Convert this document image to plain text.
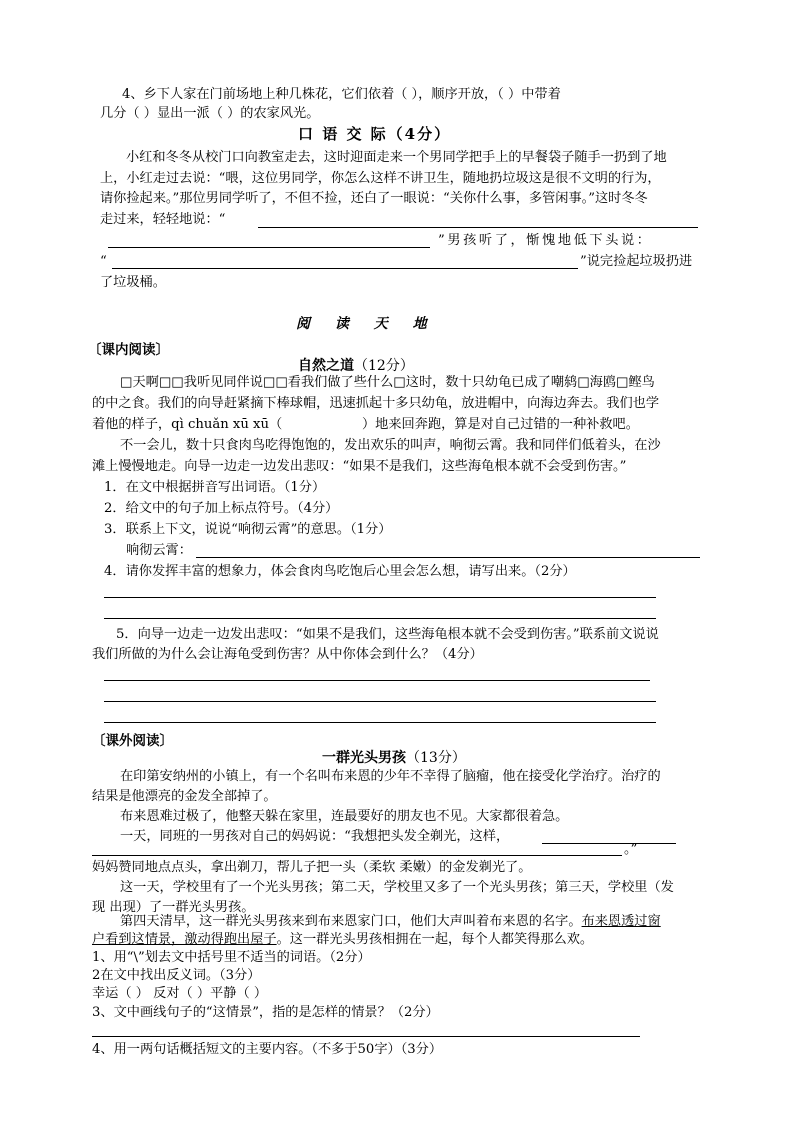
4、乡下人家在门前场地上种几株花，它们依着（ ），顺序开放，（ ）中带着
几分（ ）显出一派（ ）的农家风光。
口 语 交 际（4分）
小红和冬冬从校门口向教室走去，这时迎面走来一个男同学把手上的早餐袋子随手一扔到了地
上，小红走过去说：“喂，这位男同学，你怎么这样不讲卫生，随地扔垃圾这是很不文明的行为，
请你捡起来。”那位男同学听了，不但不捡，还白了一眼说：“关你什么事，多管闲事。”这时冬冬
走过来，轻轻地说：“
”男孩听了，惭愧地低下头说：
“	”说完捡起垃圾扔进
了垃圾桶。
阅 读 天 地
〔课内阅读〕
自然之道（12分）
□天啊□□我听见同伴说□□看我们做了些什么□这时，数十只幼龟已成了嘲鸫□海鸥□鲣鸟
的中之食。我们的向导赶紧摘下棒球帽，迅速抓起十多只幼龟，放进帽中，向海边奔去。我们也学
着他的样子，qì chuǎn xū xū（	）地来回奔跑，算是对自己过错的一种补救吧。
不一会儿，数十只食肉鸟吃得饱饱的，发出欢乐的叫声，响彻云霄。我和同伴们低着头，在沙
滩上慢慢地走。向导一边走一边发出悲叹：“如果不是我们，这些海龟根本就不会受到伤害。”
1．在文中根据拼音写出词语。（1分）
2．给文中的句子加上标点符号。（4分）
3．联系上下文，说说“响彻云霄”的意思。（1分）
响彻云霄：
4．请你发挥丰富的想象力，体会食肉鸟吃饱后心里会怎么想，请写出来。（2分）
5．向导一边走一边发出悲叹：“如果不是我们，这些海龟根本就不会受到伤害。”联系前文说说
我们所做的为什么会让海龟受到伤害？从中你体会到什么？（4分）
〔课外阅读〕
一群光头男孩（13分）
在印第安纳州的小镇上，有一个名叫布来恩的少年不幸得了脑瘤，他在接受化学治疗。治疗的
结果是他漂亮的金发全部掉了。
布来恩难过极了，他整天躲在家里，连最要好的朋友也不见。大家都很着急。
一天，同班的一男孩对自己的妈妈说：“我想把头发全剃光，这样，
。”
妈妈赞同地点点头，拿出剃刀，帮儿子把一头（柔软 柔嫩）的金发剃光了。
这一天，学校里有了一个光头男孩；第二天，学校里又多了一个光头男孩；第三天，学校里（发
现 出现）了一群光头男孩。
第四天清早，这一群光头男孩来到布来恩家门口，他们大声叫着布来恩的名字。布来恩透过窗
户看到这情景，激动得跑出屋子。这一群光头男孩相拥在一起，每个人都笑得那么欢。
1、用“\”划去文中括号里不适当的词语。（2分）
2在文中找出反义词。（3分）
幸运（ ） 反对（ ）平静（ ）
3、文中画线句子的“这情景”，指的是怎样的情景？（2分）
4、用一两句话概括短文的主要内容。（不多于50字）（3分）
